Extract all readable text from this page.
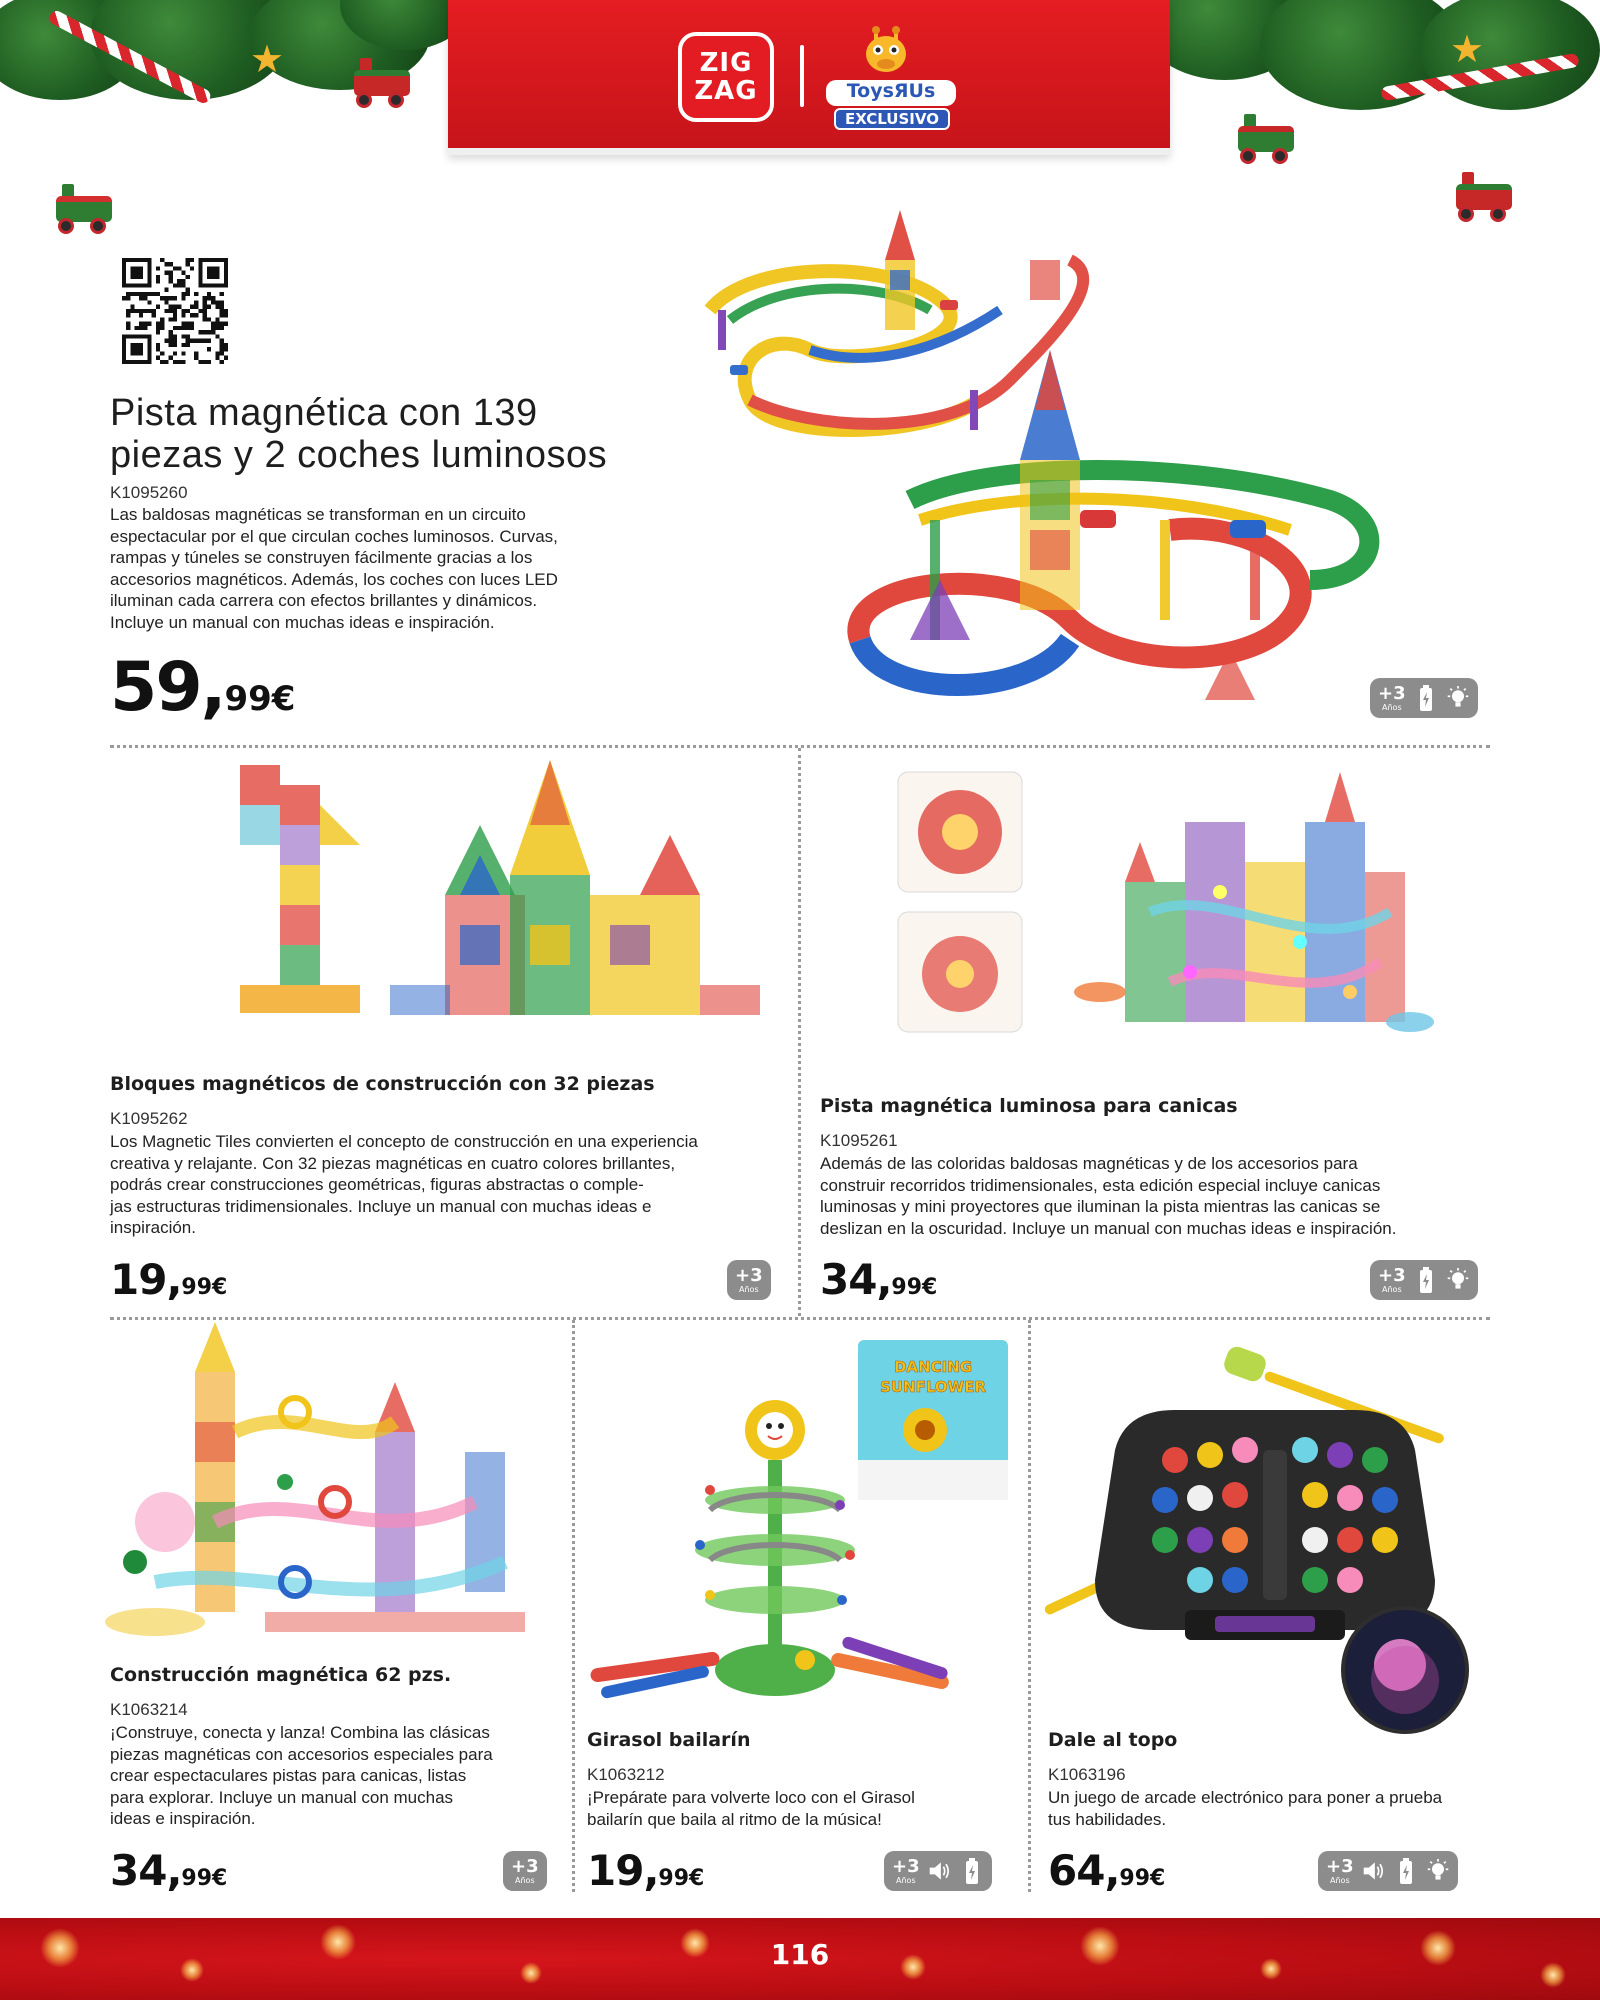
★	★
ZIG
ZAG	ToysЯUs
EXCLUSIVO
Pista magnética con 139
piezas y 2 coches luminosos
K1095260
Las baldosas magnéticas se transforman en un circuito
espectacular por el que circulan coches luminosos. Curvas,
rampas y túneles se construyen fácilmente gracias a los
accesorios magnéticos. Además, los coches con luces LED
iluminan cada carrera con efectos brillantes y dinámicos.
Incluye un manual con muchas ideas e inspiración.
59,99€	+3
Años
Bloques magnéticos de construcción con 32 piezas
K1095262
Los Magnetic Tiles convierten el concepto de construcción en una experiencia
creativa y relajante. Con 32 piezas magnéticas en cuatro colores brillantes,
podrás crear construcciones geométricas, figuras abstractas o comple-
jas estructuras tridimensionales. Incluye un manual con muchas ideas e
inspiración.
19,99€	+3
Años
Pista magnética luminosa para canicas
K1095261
Además de las coloridas baldosas magnéticas y de los accesorios para
construir recorridos tridimensionales, esta edición especial incluye canicas
luminosas y mini proyectores que iluminan la pista mientras las canicas se
deslizan en la oscuridad. Incluye un manual con muchas ideas e inspiración.
34,99€	+3
Años
Construcción magnética 62 pzs.
K1063214
¡Construye, conecta y lanza! Combina las clásicas
piezas magnéticas con accesorios especiales para
crear espectaculares pistas para canicas, listas
para explorar. Incluye un manual con muchas
ideas e inspiración.
34,99€	+3
Años
DANCING
SUNFLOWER
Girasol bailarín
K1063212
¡Prepárate para volverte loco con el Girasol
bailarín que baila al ritmo de la música!
19,99€	+3
Años
Dale al topo
K1063196
Un juego de arcade electrónico para poner a prueba
tus habilidades.
64,99€	+3
Años
116
